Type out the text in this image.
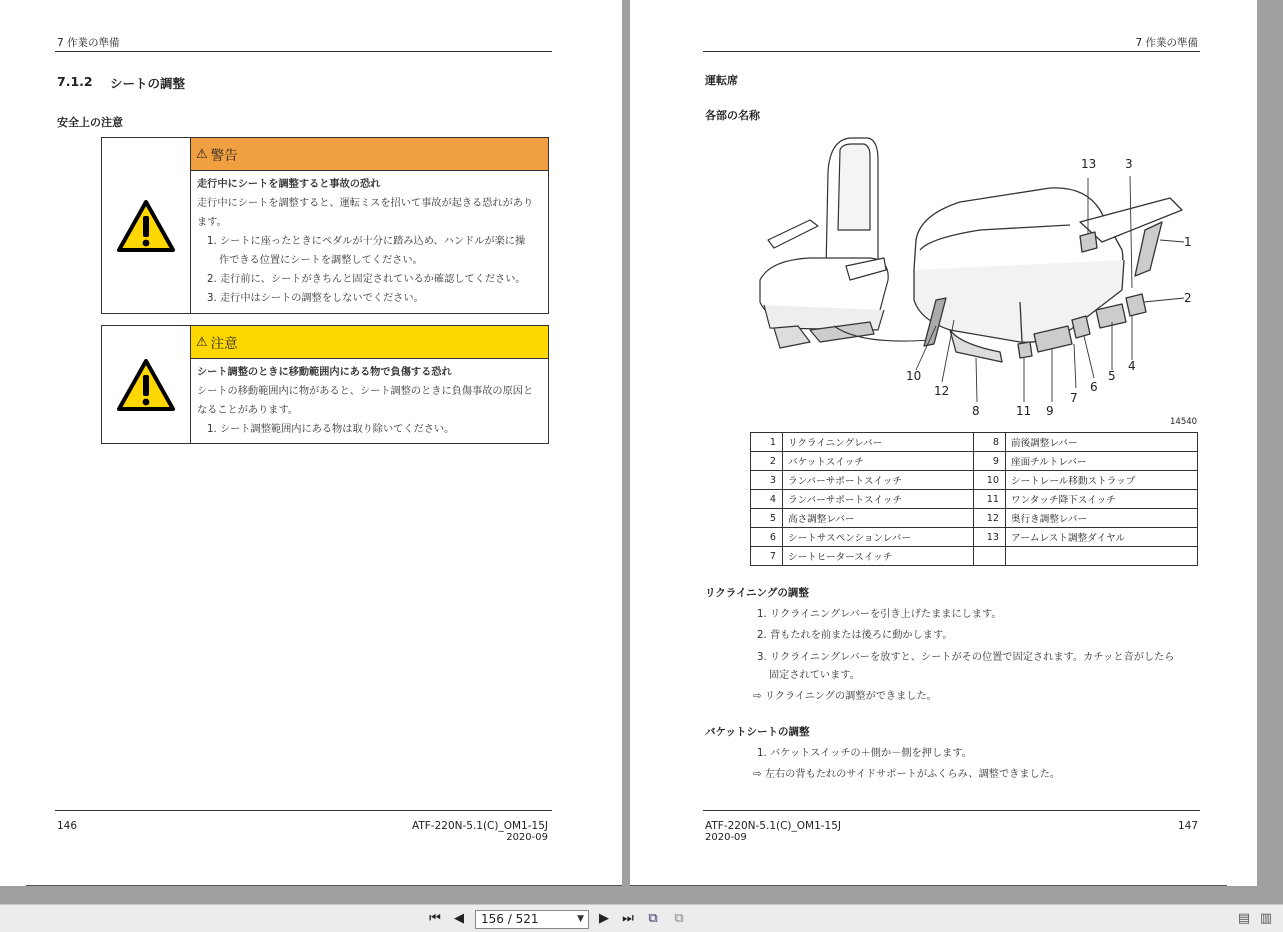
7 作業の準備
7.1.2 シートの調整
安全上の注意
⚠ 警告
走行中にシートを調整すると事故の恐れ
走行中にシートを調整すると、運転ミスを招いて事故が起きる恐れがあり
ます。
1. シートに座ったときにペダルが十分に踏み込め、ハンドルが楽に操
作できる位置にシートを調整してください。
2. 走行前に、シートがきちんと固定されているか確認してください。
3. 走行中はシートの調整をしないでください。
⚠ 注意
シート調整のときに移動範囲内にある物で負傷する恐れ
シートの移動範囲内に物があると、シート調整のときに負傷事故の原因と
なることがあります。
1. シート調整範囲内にある物は取り除いてください。
146	ATF-220N-5.1(C)_OM1-15J
2020-09
7 作業の準備
運転席
各部の名称
ATF-220N-5.1(C)_OM1-15J
2020-09
147
13 3
1
2
4
5
6
7
9
11
8
12
10
14540
1	リクライニングレバー	8	前後調整レバー
2	バケットスイッチ	9	座面チルトレバー
3	ランバーサポートスイッチ	10	シートレール移動ストラップ
4	ランバーサポートスイッチ	11	ワンタッチ降下スイッチ
5	高さ調整レバー	12	奥行き調整レバー
6	シートサスペンションレバー	13	アームレスト調整ダイヤル
7	シートヒータースイッチ		
リクライニングの調整
1. リクライニングレバーを引き上げたままにします。
2. 背もたれを前または後ろに動かします。
3. リクライニングレバーを放すと、シートがその位置で固定されます。カチッと音がしたら
固定されています。
⇨ リクライニングの調整ができました。
バケットシートの調整
1. バケットスイッチの＋側か－側を押します。
⇨ 左右の背もたれのサイドサポートがふくらみ、調整できました。
⏮ ◀	156 / 521	▼ ▶ ⏭ ⧉ ⧉	▤ ▥
